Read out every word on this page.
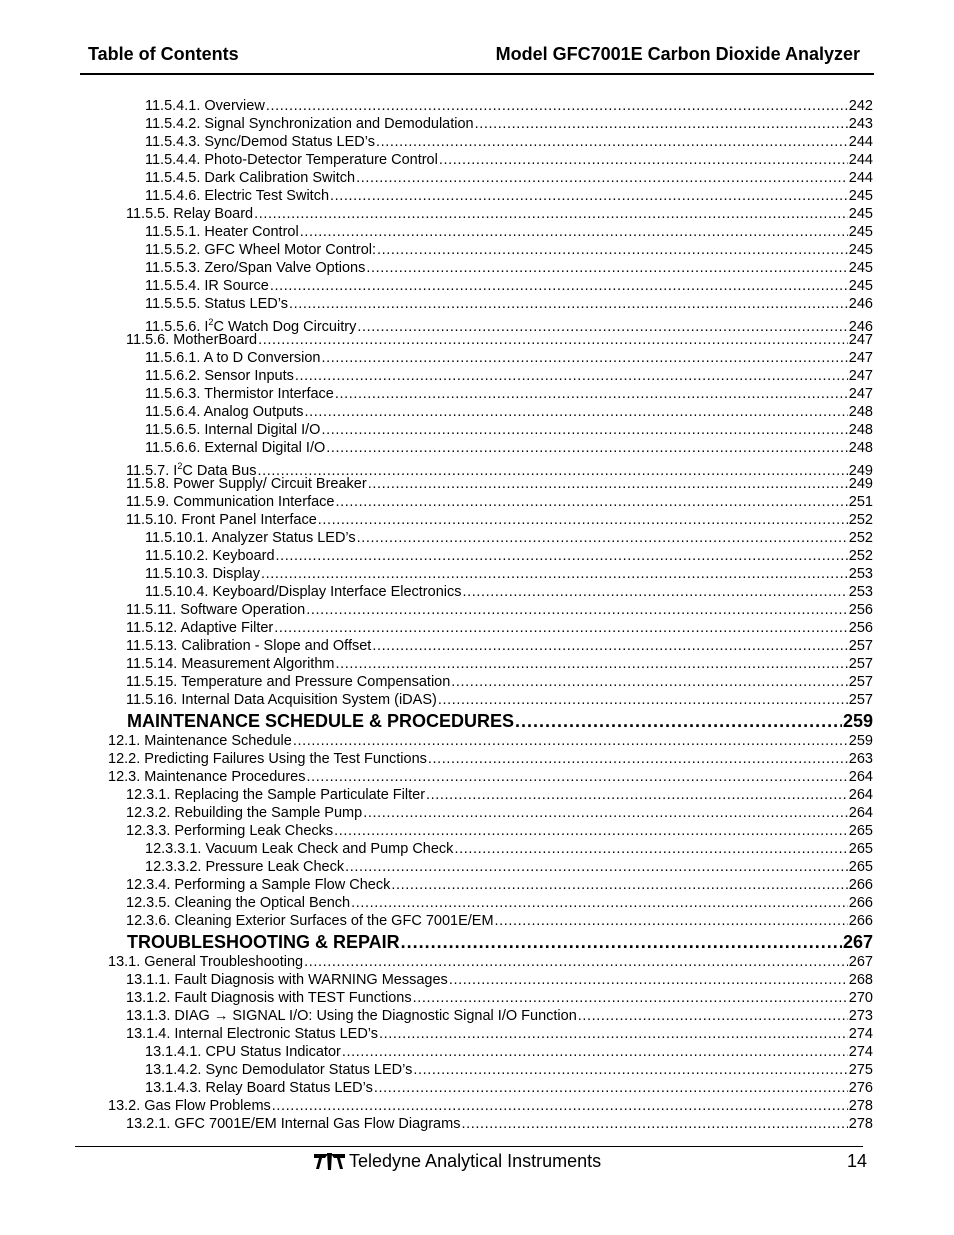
Table of Contents	Model GFC7001E Carbon Dioxide Analyzer
11.5.4.1. Overview .....	242
11.5.4.2. Signal Synchronization and Demodulation .....	243
11.5.4.3. Sync/Demod Status LED’s .....	244
11.5.4.4. Photo-Detector Temperature Control .....	244
11.5.4.5. Dark Calibration Switch .....	244
11.5.4.6. Electric Test Switch .....	245
11.5.5. Relay Board .....	245
11.5.5.1. Heater Control .....	245
11.5.5.2. GFC Wheel Motor Control: .....	245
11.5.5.3. Zero/Span Valve Options .....	245
11.5.5.4. IR Source .....	245
11.5.5.5. Status LED’s .....	246
11.5.5.6. $I^2C$ Watch Dog Circuitry .....	246
11.5.6. MotherBoard .....	247
11.5.6.1. A to D Conversion .....	247
11.5.6.2. Sensor Inputs .....	247
11.5.6.3. Thermistor Interface .....	247
11.5.6.4. Analog Outputs .....	248
11.5.6.5. Internal Digital I/O .....	248
11.5.6.6. External Digital I/O .....	248
11.5.7. $I^2C$ Data Bus .....	249
11.5.8. Power Supply/ Circuit Breaker .....	249
11.5.9. Communication Interface .....	251
11.5.10. Front Panel Interface .....	252
11.5.10.1. Analyzer Status LED’s .....	252
11.5.10.2. Keyboard .....	252
11.5.10.3. Display .....	253
11.5.10.4. Keyboard/Display Interface Electronics .....	253
11.5.11. Software Operation .....	256
11.5.12. Adaptive Filter .....	256
11.5.13. Calibration - Slope and Offset .....	257
11.5.14. Measurement Algorithm .....	257
11.5.15. Temperature and Pressure Compensation .....	257
11.5.16. Internal Data Acquisition System (iDAS) .....	257
MAINTENANCE SCHEDULE & PROCEDURES .....	259
12.1. Maintenance Schedule .....	259
12.2. Predicting Failures Using the Test Functions .....	263
12.3. Maintenance Procedures .....	264
12.3.1. Replacing the Sample Particulate Filter .....	264
12.3.2. Rebuilding the Sample Pump .....	264
12.3.3. Performing Leak Checks .....	265
12.3.3.1. Vacuum Leak Check and Pump Check .....	265
12.3.3.2. Pressure Leak Check .....	265
12.3.4. Performing a Sample Flow Check .....	266
12.3.5. Cleaning the Optical Bench .....	266
12.3.6. Cleaning Exterior Surfaces of the GFC 7001E/EM .....	266
TROUBLESHOOTING & REPAIR .....	267
13.1. General Troubleshooting .....	267
13.1.1. Fault Diagnosis with WARNING Messages .....	268
13.1.2. Fault Diagnosis with TEST Functions .....	270
13.1.3. DIAG → SIGNAL I/O: Using the Diagnostic Signal I/O Function .....	273
13.1.4. Internal Electronic Status LED’s .....	274
13.1.4.1. CPU Status Indicator .....	274
13.1.4.2. Sync Demodulator Status LED’s .....	275
13.1.4.3. Relay Board Status LED’s .....	276
13.2. Gas Flow Problems .....	278
13.2.1. GFC 7001E/EM Internal Gas Flow Diagrams .....	278
Teledyne Analytical Instruments	14
